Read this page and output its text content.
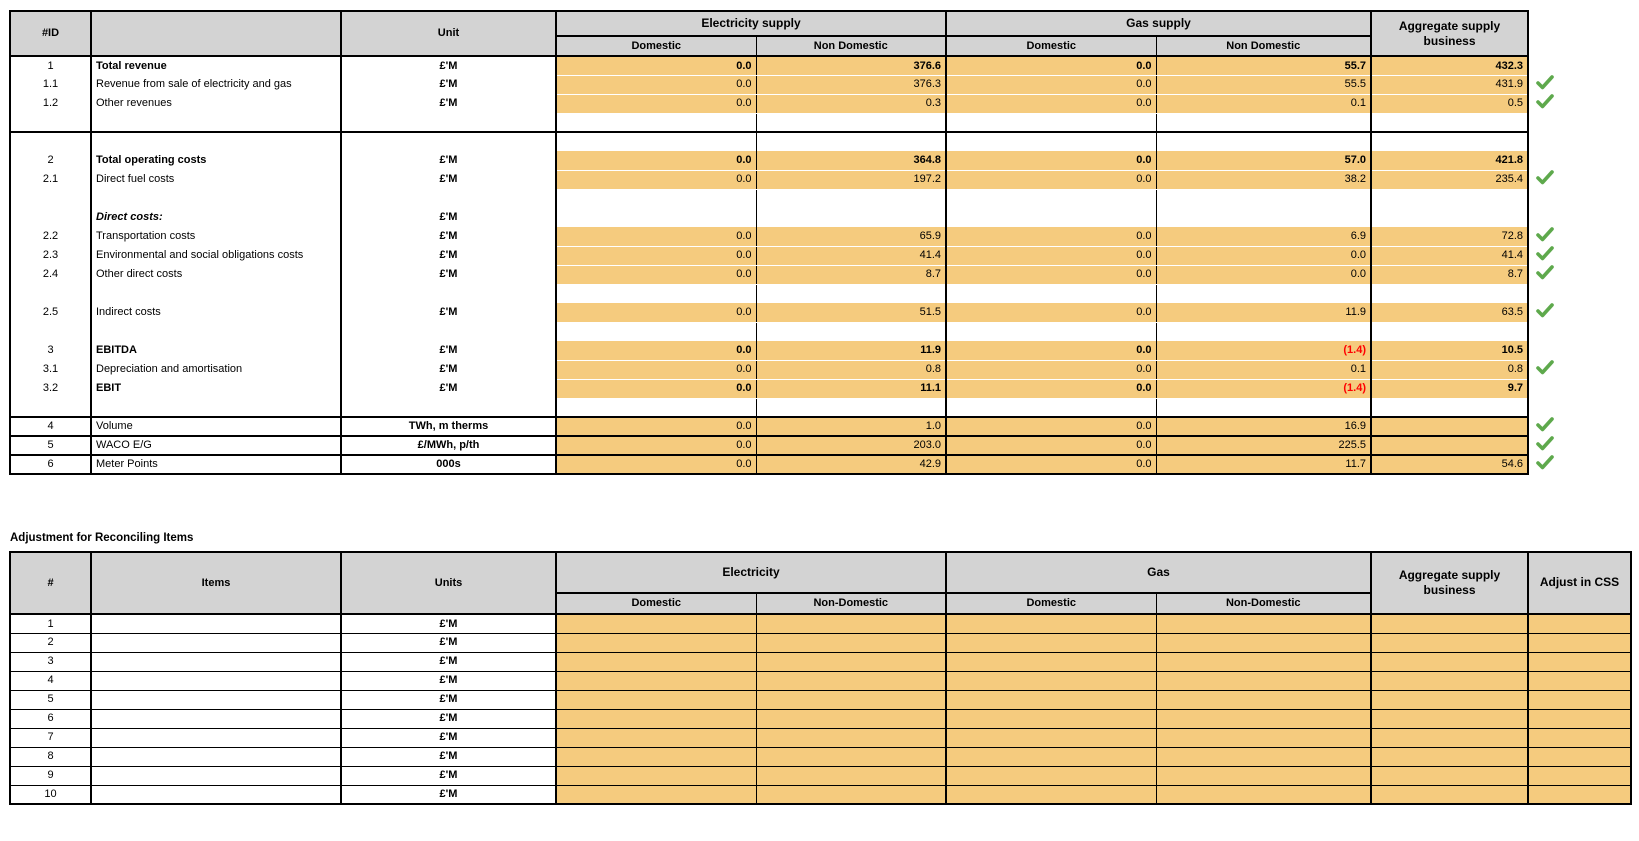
#ID		Unit	Electricity supply		Gas supply		Aggregate supply business	
			Domestic	Non Domestic	Domestic	Non Domestic		
1	Total revenue	£'M	0.0	376.6	0.0	55.7	432.3	
1.1	Revenue from sale of electricity and gas	£'M	0.0	376.3	0.0	55.5	431.9	
1.2	Other revenues	£'M	0.0	0.3	0.0	0.1	0.5	

2	Total operating costs	£'M	0.0	364.8	0.0	57.0	421.8	
2.1	Direct fuel costs	£'M	0.0	197.2	0.0	38.2	235.4	

	Direct costs:	£'M						
2.2	Transportation costs	£'M	0.0	65.9	0.0	6.9	72.8	
2.3	Environmental and social obligations costs	£'M	0.0	41.4	0.0	0.0	41.4	
2.4	Other direct costs	£'M	0.0	8.7	0.0	0.0	8.7	

2.5	Indirect costs	£'M	0.0	51.5	0.0	11.9	63.5	

3	EBITDA	£'M	0.0	11.9	0.0	(1.4)	10.5	
3.1	Depreciation and amortisation	£'M	0.0	0.8	0.0	0.1	0.8	
3.2	EBIT	£'M	0.0	11.1	0.0	(1.4)	9.7	

4	Volume	TWh, m therms	0.0	1.0	0.0	16.9		
5	WACO E/G	£/MWh, p/th	0.0	203.0	0.0	225.5		
6	Meter Points	000s	0.0	42.9	0.0	11.7	54.6	
Adjustment for Reconciling Items
#	Items	Units	Electricity		Gas		Aggregate supply business	Adjust in CSS
			Domestic	Non-Domestic	Domestic	Non-Domestic		
1		£'M						
2		£'M						
3		£'M						
4		£'M						
5		£'M						
6		£'M						
7		£'M						
8		£'M						
9		£'M						
10		£'M						
